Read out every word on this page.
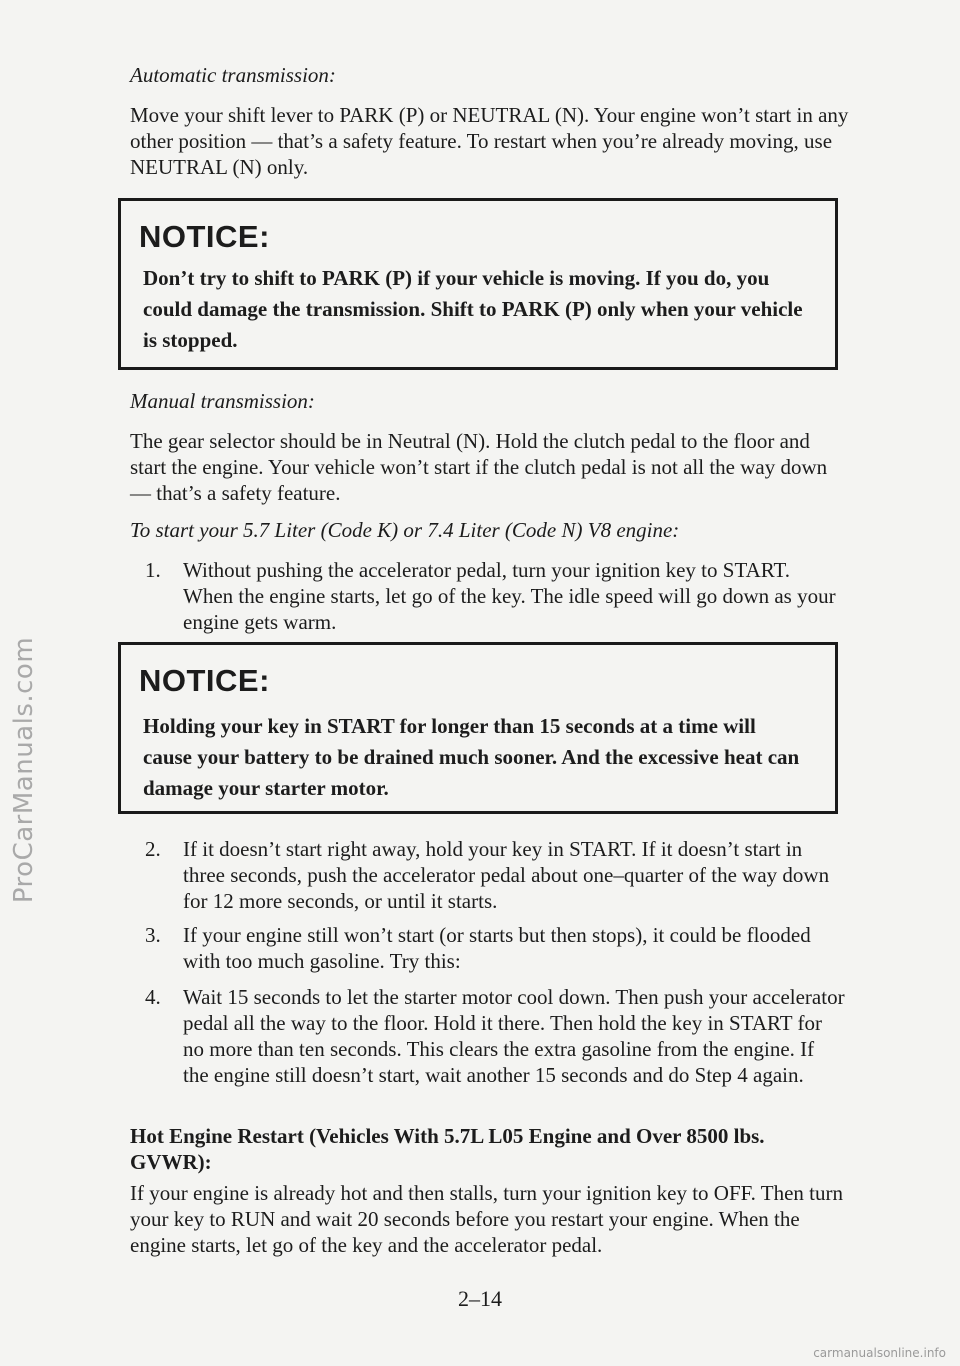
Automatic transmission:

Move your shift lever to PARK (P) or NEUTRAL (N). Your engine won’t start in any other position — that’s a safety feature. To restart when you’re already moving, use NEUTRAL (N) only.

NOTICE:

Don’t try to shift to PARK (P) if your vehicle is moving. If you do, you could damage the transmission. Shift to PARK (P) only when your vehicle is stopped.

Manual transmission:

The gear selector should be in Neutral (N). Hold the clutch pedal to the floor and start the engine. Your vehicle won’t start if the clutch pedal is not all the way down — that’s a safety feature.

To start your 5.7 Liter (Code K) or 7.4 Liter (Code N) V8 engine:

1. Without pushing the accelerator pedal, turn your ignition key to START. When the engine starts, let go of the key. The idle speed will go down as your engine gets warm.

NOTICE:

Holding your key in START for longer than 15 seconds at a time will cause your battery to be drained much sooner. And the excessive heat can damage your starter motor.

2. If it doesn’t start right away, hold your key in START. If it doesn’t start in three seconds, push the accelerator pedal about one–quarter of the way down for 12 more seconds, or until it starts.
3. If your engine still won’t start (or starts but then stops), it could be flooded with too much gasoline. Try this:
4. Wait 15 seconds to let the starter motor cool down. Then push your accelerator pedal all the way to the floor. Hold it there. Then hold the key in START for no more than ten seconds. This clears the extra gasoline from the engine. If the engine still doesn’t start, wait another 15 seconds and do Step 4 again.

Hot Engine Restart (Vehicles With 5.7L L05 Engine and Over 8500 lbs. GVWR):

If your engine is already hot and then stalls, turn your ignition key to OFF. Then turn your key to RUN and wait 20 seconds before you restart your engine. When the engine starts, let go of the key and the accelerator pedal.

2–14
ProCarManuals.com
carmanualsonline.info
